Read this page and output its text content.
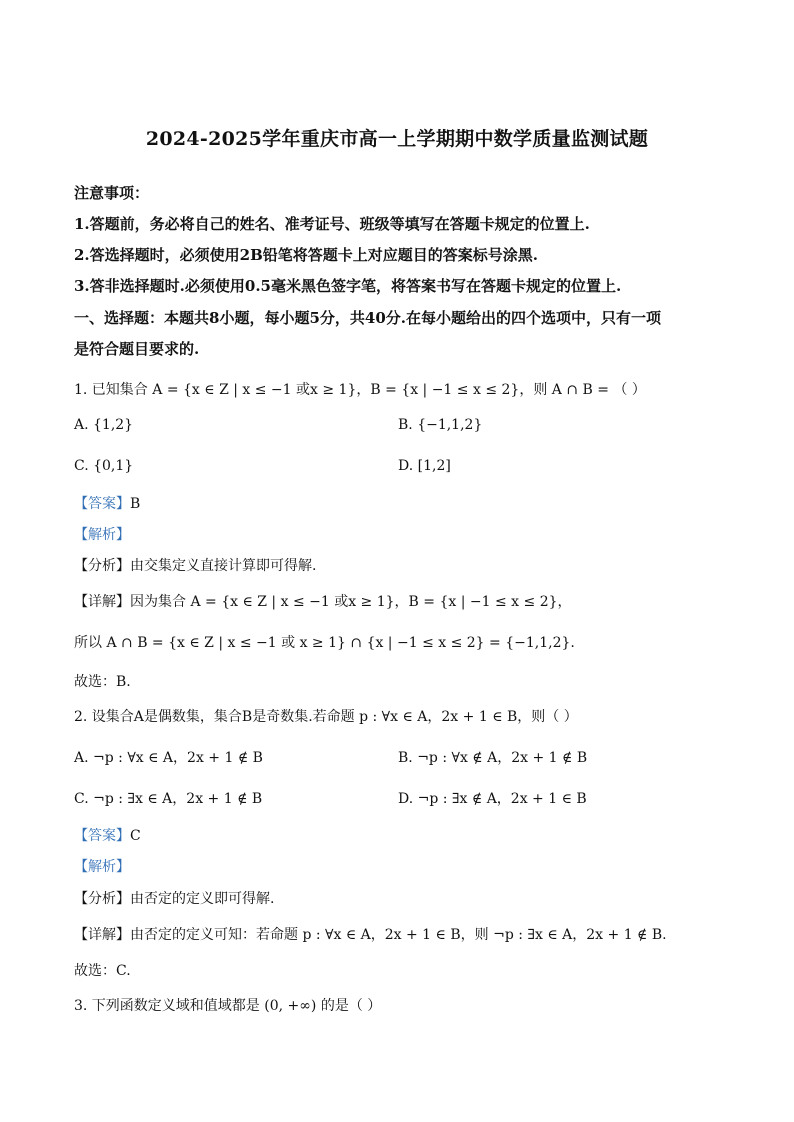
2024-2025学年重庆市高一上学期期中数学质量监测试题
注意事项：
1.答题前，务必将自己的姓名、准考证号、班级等填写在答题卡规定的位置上.
2.答选择题时，必须使用2B铅笔将答题卡上对应题目的答案标号涂黑.
3.答非选择题时.必须使用0.5毫米黑色签字笔，将答案书写在答题卡规定的位置上.
一、选择题：本题共8小题，每小题5分，共40分.在每小题给出的四个选项中，只有一项
是符合题目要求的.
1. 已知集合 A = {x ∈ Z | x ≤ −1 或x ≥ 1}，B = {x | −1 ≤ x ≤ 2}，则 A ∩ B = （ ）
A. {1,2}	B. {−1,1,2}
C. {0,1}	D. [1,2]
【答案】B
【解析】
【分析】由交集定义直接计算即可得解.
【详解】因为集合 A = {x ∈ Z | x ≤ −1 或x ≥ 1}，B = {x | −1 ≤ x ≤ 2}，
所以 A ∩ B = {x ∈ Z | x ≤ −1 或 x ≥ 1} ∩ {x | −1 ≤ x ≤ 2} = {−1,1,2}.
故选：B.
2. 设集合A是偶数集，集合B是奇数集.若命题 p : ∀x ∈ A，2x + 1 ∈ B，则（ ）
A. ¬p : ∀x ∈ A，2x + 1 ∉ B	B. ¬p : ∀x ∉ A，2x + 1 ∉ B
C. ¬p : ∃x ∈ A，2x + 1 ∉ B	D. ¬p : ∃x ∉ A，2x + 1 ∈ B
【答案】C
【解析】
【分析】由否定的定义即可得解.
【详解】由否定的定义可知：若命题 p : ∀x ∈ A，2x + 1 ∈ B，则 ¬p : ∃x ∈ A，2x + 1 ∉ B.
故选：C.
3. 下列函数定义域和值域都是 (0, +∞) 的是（ ）
